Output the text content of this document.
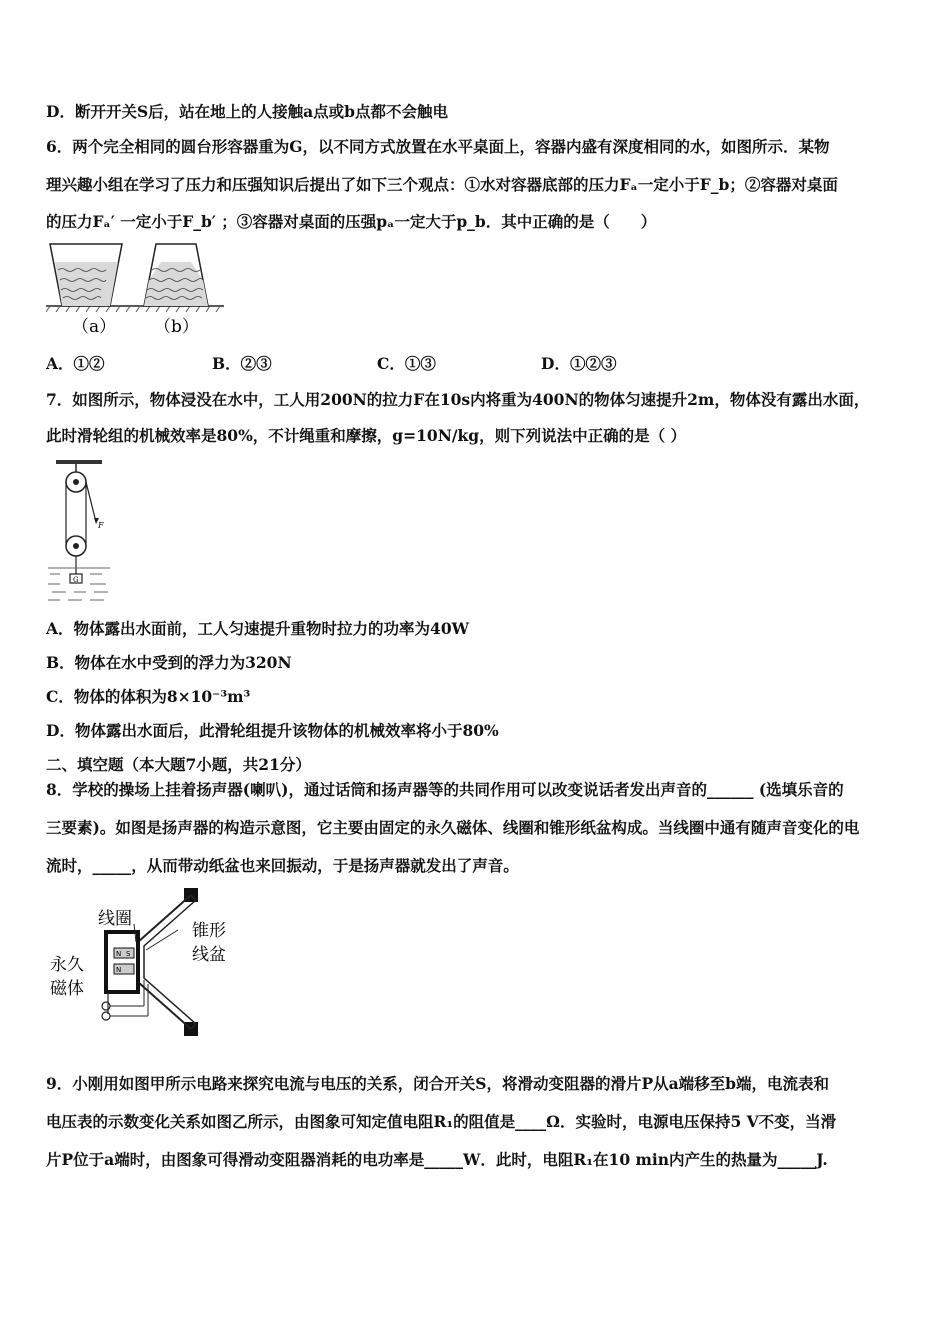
D．断开开关S后，站在地上的人接触a点或b点都不会触电
6．两个完全相同的圆台形容器重为G，以不同方式放置在水平桌面上，容器内盛有深度相同的水，如图所示．某物
理兴趣小组在学习了压力和压强知识后提出了如下三个观点：①水对容器底部的压力Fₐ一定小于F_b；②容器对桌面
的压力Fₐ′ 一定小于F_b′ ；③容器对桌面的压强pₐ一定大于p_b．其中正确的是（　　）
（a） （b）
A．①②	B．②③	C．①③	D．①②③
7．如图所示，物体浸没在水中，工人用200N的拉力F在10s内将重为400N的物体匀速提升2m，物体没有露出水面，
此时滑轮组的机械效率是80%，不计绳重和摩擦，g=10N/kg，则下列说法中正确的是（ ）
F
G
A．物体露出水面前，工人匀速提升重物时拉力的功率为40W
B．物体在水中受到的浮力为320N
C．物体的体积为8×10⁻³m³
D．物体露出水面后，此滑轮组提升该物体的机械效率将小于80%
二、填空题（本大题7小题，共21分）
8．学校的操场上挂着扬声器(喇叭)，通过话筒和扬声器等的共同作用可以改变说话者发出声音的______ (选填乐音的
三要素)。如图是扬声器的构造示意图，它主要由固定的永久磁体、线圈和锥形纸盆构成。当线圈中通有随声音变化的电
流时，_____，从而带动纸盆也来回振动，于是扬声器就发出了声音。
N S
N
线圈
锥形
线盆
永久
磁体
9．小刚用如图甲所示电路来探究电流与电压的关系，闭合开关S，将滑动变阻器的滑片P从a端移至b端，电流表和
电压表的示数变化关系如图乙所示，由图象可知定值电阻R₁的阻值是____Ω．实验时，电源电压保持5 V不变，当滑
片P位于a端时，由图象可得滑动变阻器消耗的电功率是_____W．此时，电阻R₁在10 min内产生的热量为_____J.
